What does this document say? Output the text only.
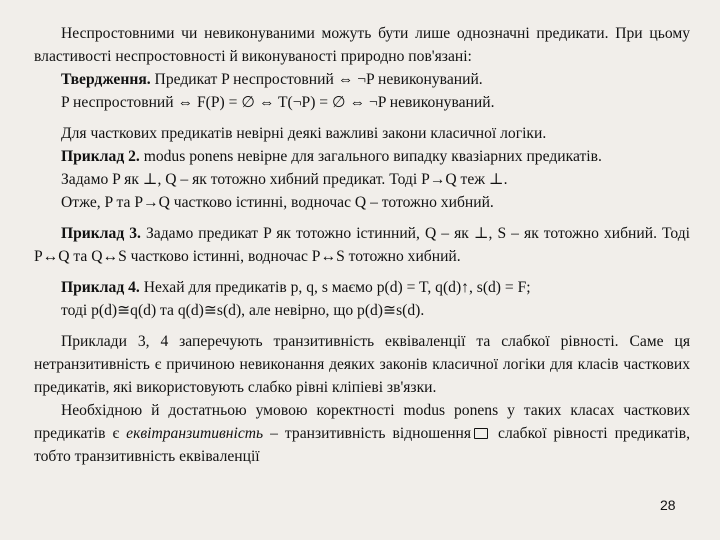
Неспростовними чи невиконуваними можуть бути лише однозначні предикати. При цьому властивості неспростовності й виконуваності природно пов'язані:

Твердження. Предикат P неспростовний ⇔ ¬P невиконуваний.

P неспростовний ⇔ F(P) = ∅ ⇔ T(¬P) = ∅ ⇔ ¬P невиконуваний.

Для часткових предикатів невірні деякі важливі закони класичної логіки.

Приклад 2. modus ponens невірне для загального випадку квазіарних предикатів.

Задамо P як ⊥, Q – як тотожно хибний предикат. Тоді P→Q теж ⊥.

Отже, P та P→Q частково істинні, водночас Q – тотожно хибний.

Приклад 3. Задамо предикат P як тотожно істинний, Q – як ⊥, S – як тотожно хибний. Тоді P↔Q та Q↔S частково істинні, водночас P↔S тотожно хибний.

Приклад 4. Нехай для предикатів p, q, s маємо p(d) = T, q(d)↑, s(d) = F;

тоді p(d)≅q(d) та q(d)≅s(d), але невірно, що p(d)≅s(d).

Приклади 3, 4 заперечують транзитивність еквіваленції та слабкої рівності. Саме ця нетранзитивність є причиною невиконання деяких законів класичної логіки для класів часткових предикатів, які використовують слабко рівні кліпіеві зв'язки.

Необхідною й достатньою умовою коректності modus ponens у таких класах часткових предикатів є еквітранзитивність – транзитивність відношення слабкої рівності предикатів, тобто транзитивність еквіваленції

28
